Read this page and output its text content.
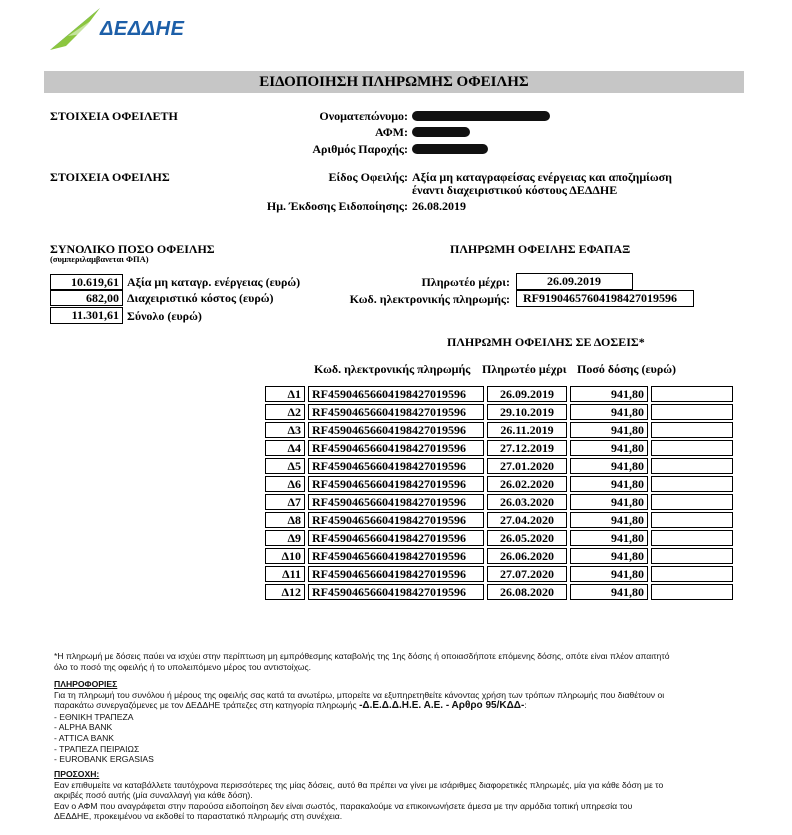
ΔΕΔΔΗΕ
ΕΙΔΟΠΟΙΗΣΗ ΠΛΗΡΩΜΗΣ ΟΦΕΙΛΗΣ
ΣΤΟΙΧΕΙΑ ΟΦΕΙΛΕΤΗ	Ονοματεπώνυμο:
ΑΦΜ:
Αριθμός Παροχής:
ΣΤΟΙΧΕΙΑ ΟΦΕΙΛΗΣ	Είδος Οφειλής: Αξία μη καταγραφείσας ενέργειας και αποζημίωση
έναντι διαχειριστικού κόστους ΔΕΔΔΗΕ
Ημ. Έκδοσης Ειδοποίησης: 26.08.2019
ΣΥΝΟΛΙΚΟ ΠΟΣΟ ΟΦΕΙΛΗΣ
(συμπεριλαμβανεται ΦΠΑ)
10.619,61 Αξία μη καταγρ. ενέργειας (ευρώ)
682,00 Διαχειριστικό κόστος (ευρώ)
11.301,61 Σύνολο (ευρώ)
ΠΛΗΡΩΜΗ ΟΦΕΙΛΗΣ ΕΦΑΠΑΞ
Πληρωτέο μέχρι:	26.09.2019
Κωδ. ηλεκτρονικής πληρωμής:	RF91904657604198427019596
ΠΛΗΡΩΜΗ ΟΦΕΙΛΗΣ ΣΕ ΔΟΣΕΙΣ*
Κωδ. ηλεκτρονικής πληρωμής Πληρωτέο μέχρι Ποσό δόσης (ευρώ)
Δ1	RF45904656604198427019596	26.09.2019	941,80	
Δ2	RF45904656604198427019596	29.10.2019	941,80	
Δ3	RF45904656604198427019596	26.11.2019	941,80	
Δ4	RF45904656604198427019596	27.12.2019	941,80	
Δ5	RF45904656604198427019596	27.01.2020	941,80	
Δ6	RF45904656604198427019596	26.02.2020	941,80	
Δ7	RF45904656604198427019596	26.03.2020	941,80	
Δ8	RF45904656604198427019596	27.04.2020	941,80	
Δ9	RF45904656604198427019596	26.05.2020	941,80	
Δ10	RF45904656604198427019596	26.06.2020	941,80	
Δ11	RF45904656604198427019596	27.07.2020	941,80	
Δ12	RF45904656604198427019596	26.08.2020	941,80	
*Η πληρωμή με δόσεις παύει να ισχύει στην περίπτωση μη εμπρόθεσμης καταβολής της 1ης δόσης ή οποιασδήποτε επόμενης δόσης, οπότε είναι πλέον απαιτητό
όλο το ποσό της οφειλής ή το υπολειπόμενο μέρος του αντιστοίχως.
ΠΛΗΡΟΦΟΡΙΕΣ
Για τη πληρωμή του συνόλου ή μέρους της οφειλής σας κατά τα ανωτέρω, μπορείτε να εξυπηρετηθείτε κάνοντας χρήση των τρόπων πληρωμής που διαθέτουν οι
παρακάτω συνεργαζόμενες με τον ΔΕΔΔΗΕ τράπεζες στη κατηγορία πληρωμής -Δ.Ε.Δ.Δ.Η.Ε. Α.Ε. - Αρθρο 95/ΚΔΔ-:
- ΕΘΝΙΚΗ ΤΡΑΠΕΖΑ
- ALPHA BANK
- ATTICA BANK
- ΤΡΑΠΕΖΑ ΠΕΙΡΑΙΩΣ
- EUROBANK ERGASIAS
ΠΡΟΣΟΧΗ:
Εαν επιθυμείτε να καταβάλλετε ταυτόχρονα περισσότερες της μίας δόσεις, αυτό θα πρέπει να γίνει με ισάριθμες διαφορετικές πληρωμές, μία για κάθε δόση με το
ακριβές ποσό αυτής (μία συναλλαγή για κάθε δόση).
Εαν ο ΑΦΜ που αναγράφεται στην παρούσα ειδοποίηση δεν είναι σωστός, παρακαλούμε να επικοινωνήσετε άμεσα με την αρμόδια τοπική υπηρεσία του
ΔΕΔΔΗΕ, προκειμένου να εκδοθεί το παραστατικό πληρωμής στη συνέχεια.
